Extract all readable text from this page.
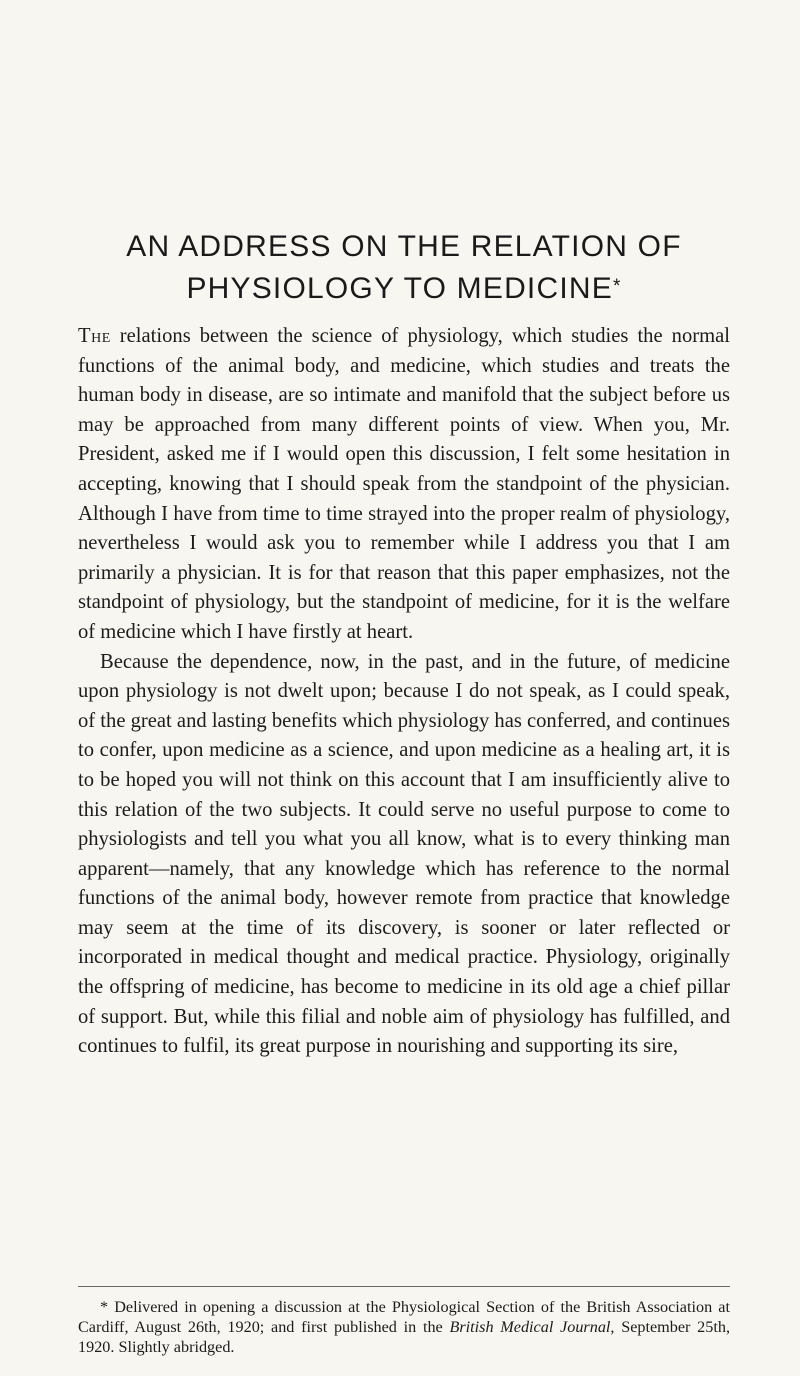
AN ADDRESS ON THE RELATION OF
PHYSIOLOGY TO MEDICINE*

The relations between the science of physiology, which studies the normal functions of the animal body, and medicine, which studies and treats the human body in disease, are so intimate and manifold that the subject before us may be approached from many different points of view. When you, Mr. President, asked me if I would open this discussion, I felt some hesitation in accepting, knowing that I should speak from the standpoint of the physician. Although I have from time to time strayed into the proper realm of physiology, nevertheless I would ask you to remember while I address you that I am primarily a physician. It is for that reason that this paper emphasizes, not the standpoint of physiology, but the standpoint of medicine, for it is the welfare of medicine which I have firstly at heart.

Because the dependence, now, in the past, and in the future, of medicine upon physiology is not dwelt upon; because I do not speak, as I could speak, of the great and lasting benefits which physiology has conferred, and continues to confer, upon medicine as a science, and upon medicine as a healing art, it is to be hoped you will not think on this account that I am insufficiently alive to this relation of the two subjects. It could serve no useful purpose to come to physiologists and tell you what you all know, what is to every thinking man apparent—namely, that any knowledge which has reference to the normal functions of the animal body, however remote from practice that knowledge may seem at the time of its discovery, is sooner or later reflected or incorporated in medical thought and medical practice. Physiology, originally the offspring of medicine, has become to medicine in its old age a chief pillar of support. But, while this filial and noble aim of physiology has fulfilled, and continues to fulfil, its great purpose in nourishing and supporting its sire,

* Delivered in opening a discussion at the Physiological Section of the British Association at Cardiff, August 26th, 1920; and first published in the British Medical Journal, September 25th, 1920. Slightly abridged.
